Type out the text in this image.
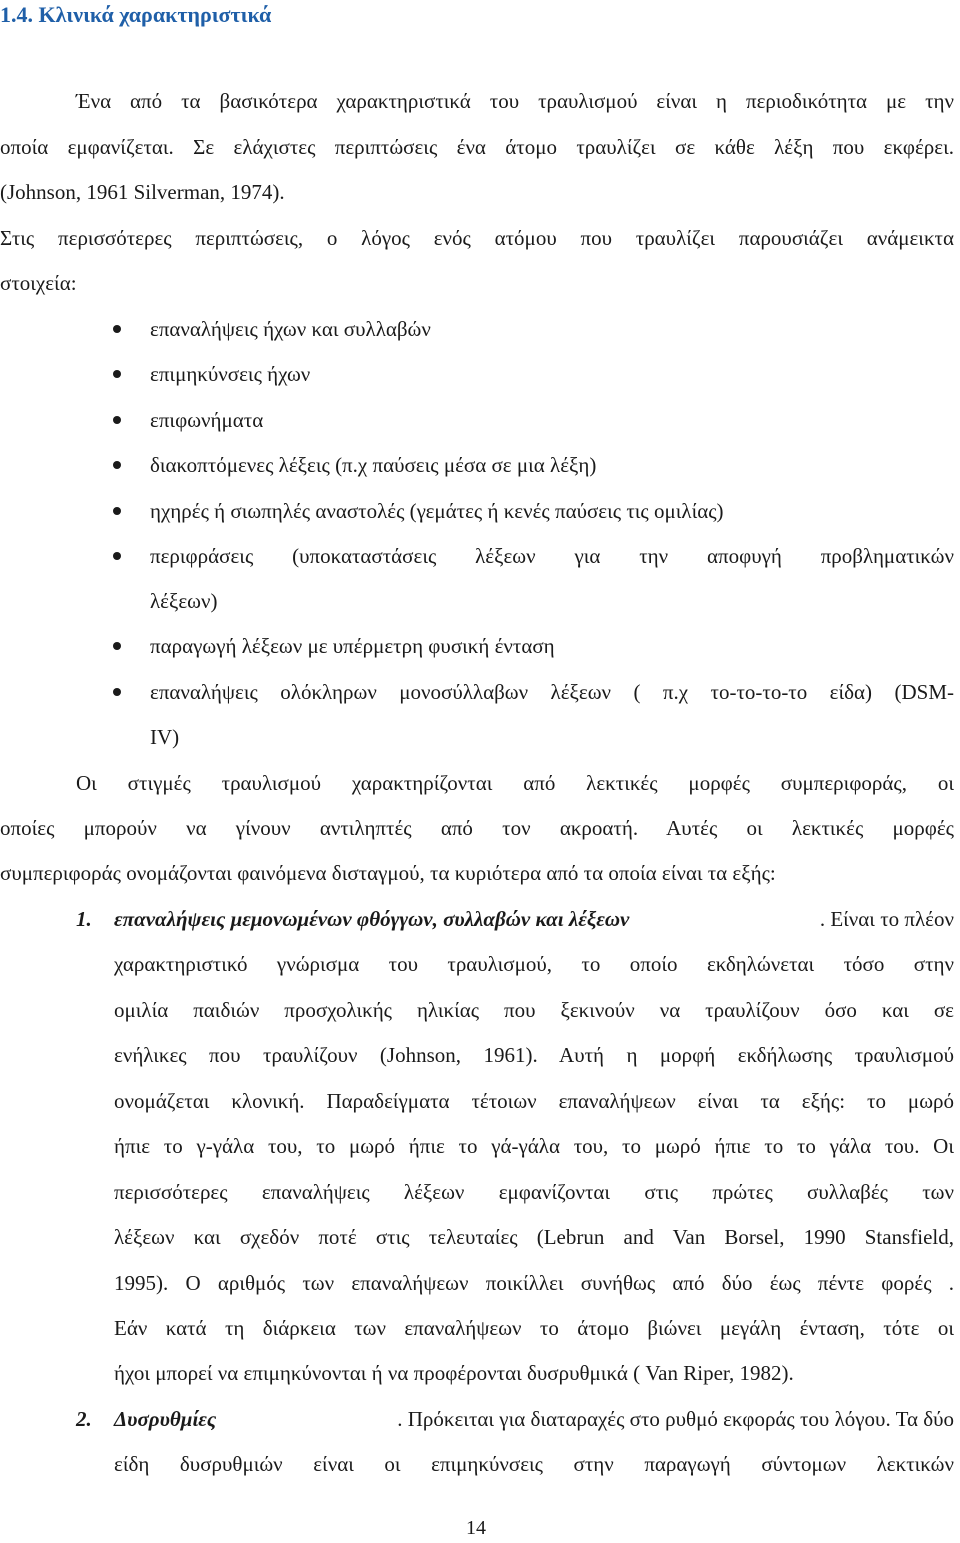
1.4. Κλινικά χαρακτηριστικά
Ένα από τα βασικότερα χαρακτηριστικά του τραυλισμού είναι η περιοδικότητα με την
οποία εμφανίζεται. Σε ελάχιστες περιπτώσεις ένα άτομο τραυλίζει σε κάθε λέξη που εκφέρει.
(Johnson, 1961 Silverman, 1974).
Στις περισσότερες περιπτώσεις, ο λόγος ενός ατόμου που τραυλίζει παρουσιάζει ανάμεικτα
στοιχεία:
επαναλήψεις ήχων και συλλαβών
επιμηκύνσεις ήχων
επιφωνήματα
διακοπτόμενες λέξεις (π.χ παύσεις μέσα σε μια λέξη)
ηχηρές ή σιωπηλές αναστολές (γεμάτες ή κενές παύσεις τις ομιλίας)
περιφράσεις (υποκαταστάσεις λέξεων για την αποφυγή προβληματικών
λέξεων)
παραγωγή λέξεων με υπέρμετρη φυσική ένταση
επαναλήψεις ολόκληρων μονοσύλλαβων λέξεων ( π.χ το-το-το-το είδα) (DSM-
IV)
Οι στιγμές τραυλισμού χαρακτηρίζονται από λεκτικές μορφές συμπεριφοράς, οι
οποίες μπορούν να γίνουν αντιληπτές από τον ακροατή. Αυτές οι λεκτικές μορφές
συμπεριφοράς ονομάζονται φαινόμενα δισταγμού, τα κυριότερα από τα οποία είναι τα εξής:
1. επαναλήψεις μεμονωμένων φθόγγων, συλλαβών και λέξεων	. Είναι το πλέον
χαρακτηριστικό γνώρισμα του τραυλισμού, το οποίο εκδηλώνεται τόσο στην
ομιλία παιδιών προσχολικής ηλικίας που ξεκινούν να τραυλίζουν όσο και σε
ενήλικες που τραυλίζουν (Johnson, 1961). Αυτή η μορφή εκδήλωσης τραυλισμού
ονομάζεται κλονική. Παραδείγματα τέτοιων επαναλήψεων είναι τα εξής: το μωρό
ήπιε το γ-γάλα του, το μωρό ήπιε το γά-γάλα του, το μωρό ήπιε το το γάλα του. Οι
περισσότερες επαναλήψεις λέξεων εμφανίζονται στις πρώτες συλλαβές των
λέξεων και σχεδόν ποτέ στις τελευταίες (Lebrun and Van Borsel, 1990 Stansfield,
1995). Ο αριθμός των επαναλήψεων ποικίλλει συνήθως από δύο έως πέντε φορές .
Εάν κατά τη διάρκεια των επαναλήψεων το άτομο βιώνει μεγάλη ένταση, τότε οι
ήχοι μπορεί να επιμηκύνονται ή να προφέρονται δυσρυθμικά ( Van Riper, 1982).
2. Δυσρυθμίες	. Πρόκειται για διαταραχές στο ρυθμό εκφοράς του λόγου. Τα δύο
είδη δυσρυθμιών είναι οι επιμηκύνσεις στην παραγωγή σύντομων λεκτικών
14
